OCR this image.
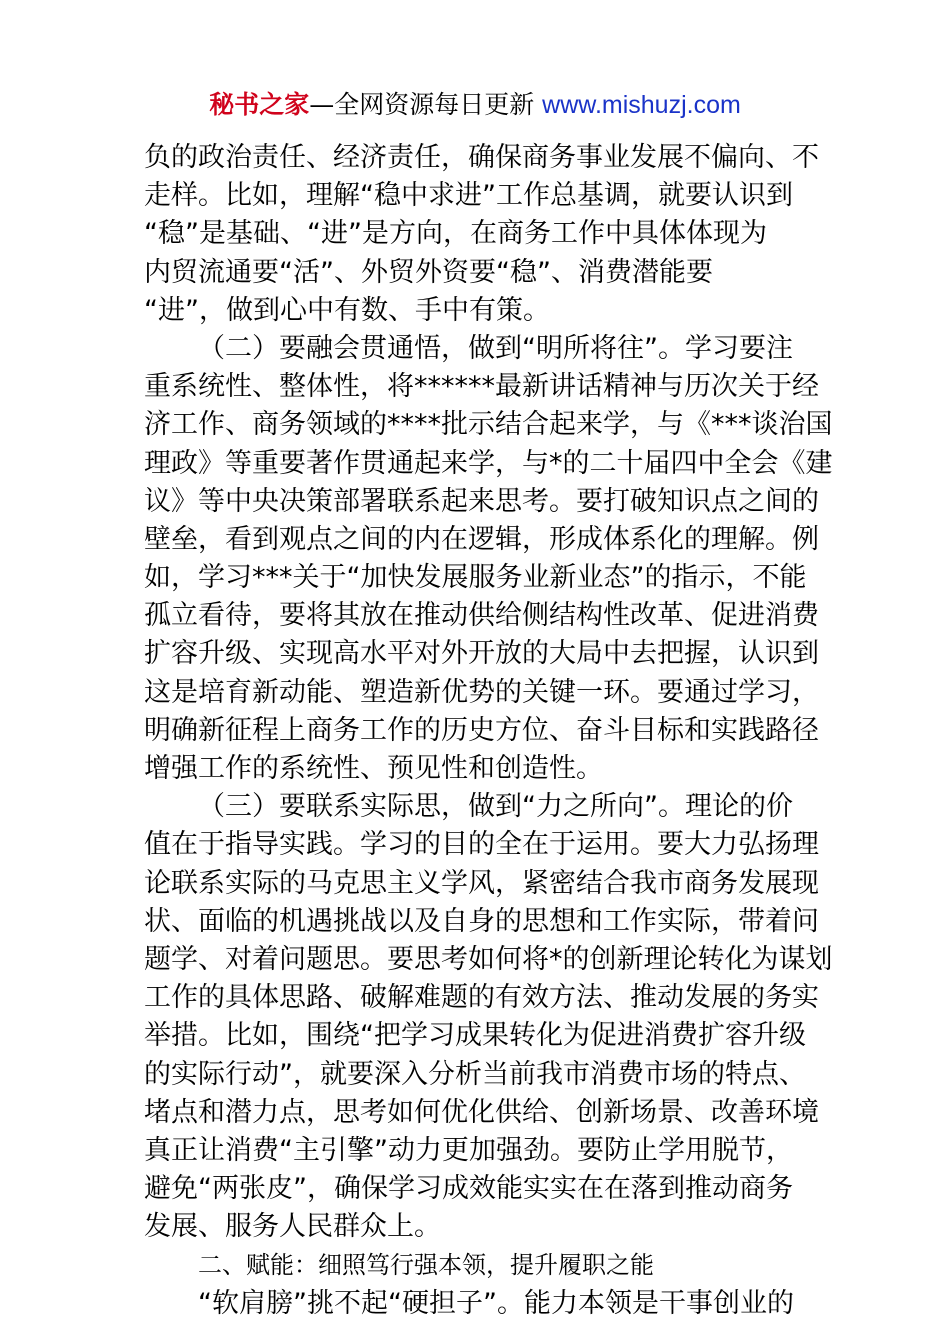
秘书之家—全网资源每日更新 www.mishuzj.com
负的政治责任、经济责任，确保商务事业发展不偏向、不
走样。比如，理解“稳中求进”工作总基调，就要认识到
“稳”是基础、“进”是方向，在商务工作中具体体现为
内贸流通要“活”、外贸外资要“稳”、消费潜能要
“进”，做到心中有数、手中有策。
（二）要融会贯通悟，做到“明所将往”。学习要注
重系统性、整体性，将******最新讲话精神与历次关于经
济工作、商务领域的****批示结合起来学，与《***谈治国
理政》等重要著作贯通起来学，与*的二十届四中全会《建
议》等中央决策部署联系起来思考。要打破知识点之间的
壁垒，看到观点之间的内在逻辑，形成体系化的理解。例
如，学习***关于“加快发展服务业新业态”的指示，不能
孤立看待，要将其放在推动供给侧结构性改革、促进消费
扩容升级、实现高水平对外开放的大局中去把握，认识到
这是培育新动能、塑造新优势的关键一环。要通过学习，
明确新征程上商务工作的历史方位、奋斗目标和实践路径
增强工作的系统性、预见性和创造性。
（三）要联系实际思，做到“力之所向”。理论的价
值在于指导实践。学习的目的全在于运用。要大力弘扬理
论联系实际的马克思主义学风，紧密结合我市商务发展现
状、面临的机遇挑战以及自身的思想和工作实际，带着问
题学、对着问题思。要思考如何将*的创新理论转化为谋划
工作的具体思路、破解难题的有效方法、推动发展的务实
举措。比如，围绕“把学习成果转化为促进消费扩容升级
的实际行动”，就要深入分析当前我市消费市场的特点、
堵点和潜力点，思考如何优化供给、创新场景、改善环境
真正让消费“主引擎”动力更加强劲。要防止学用脱节，
避免“两张皮”，确保学习成效能实实在在落到推动商务
发展、服务人民群众上。
二、赋能：细照笃行强本领，提升履职之能
“软肩膀”挑不起“硬担子”。能力本领是干事创业的
